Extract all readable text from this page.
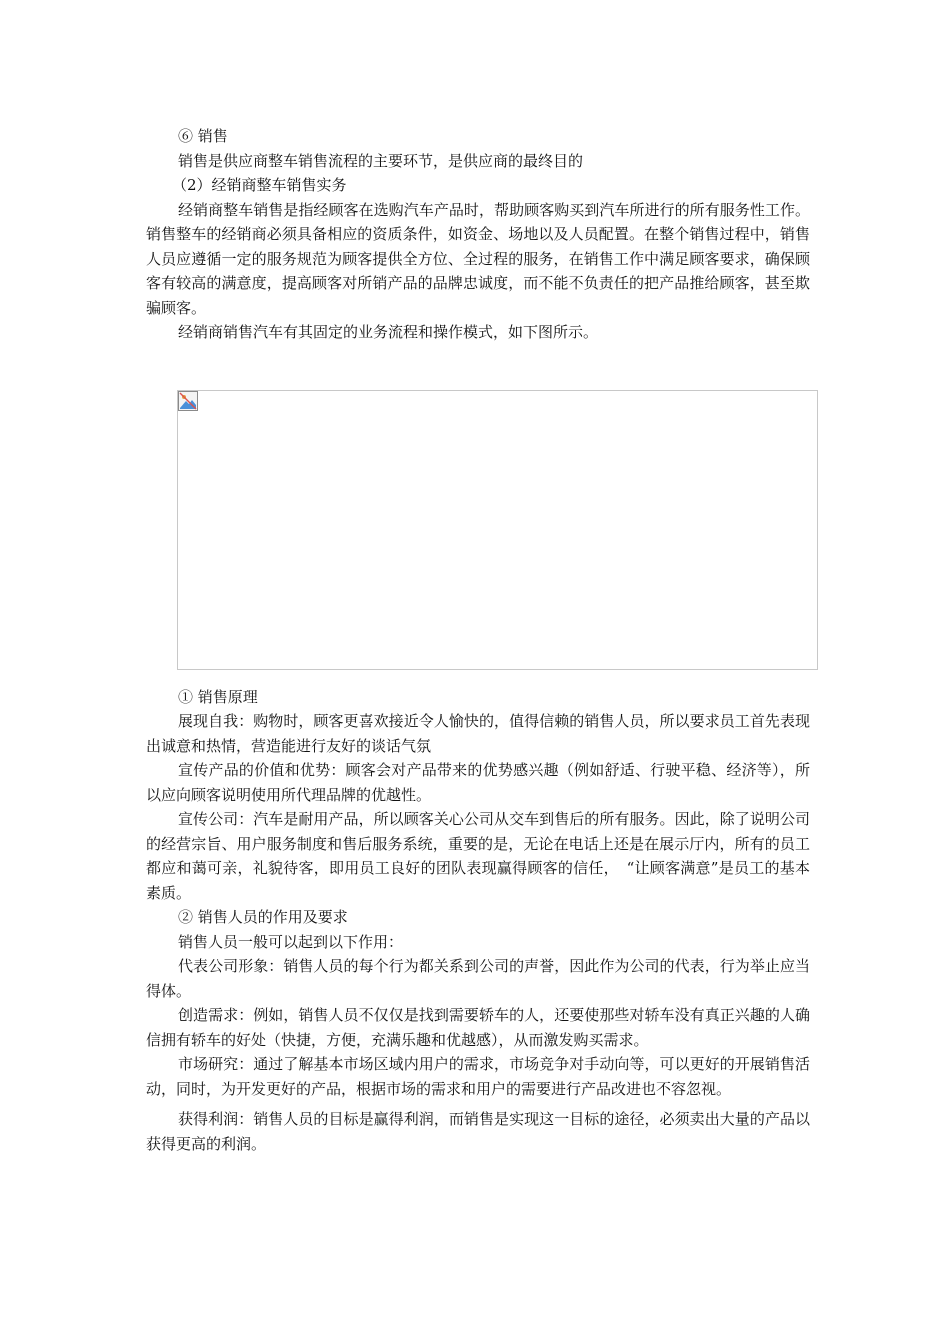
⑥ 销售

销售是供应商整车销售流程的主要环节，是供应商的最终目的

（2）经销商整车销售实务

经销商整车销售是指经顾客在选购汽车产品时，帮助顾客购买到汽车所进行的所有服务性工作。销售整车的经销商必须具备相应的资质条件，如资金、场地以及人员配置。在整个销售过程中，销售人员应遵循一定的服务规范为顾客提供全方位、全过程的服务，在销售工作中满足顾客要求，确保顾客有较高的满意度，提高顾客对所销产品的品牌忠诚度，而不能不负责任的把产品推给顾客，甚至欺骗顾客。

经销商销售汽车有其固定的业务流程和操作模式，如下图所示。

① 销售原理

展现自我：购物时，顾客更喜欢接近令人愉快的，值得信赖的销售人员，所以要求员工首先表现出诚意和热情，营造能进行友好的谈话气氛

宣传产品的价值和优势：顾客会对产品带来的优势感兴趣（例如舒适、行驶平稳、经济等），所以应向顾客说明使用所代理品牌的优越性。

宣传公司：汽车是耐用产品，所以顾客关心公司从交车到售后的所有服务。因此，除了说明公司的经营宗旨、用户服务制度和售后服务系统，重要的是，无论在电话上还是在展示厅内，所有的员工都应和蔼可亲，礼貌待客，即用员工良好的团队表现赢得顾客的信任，　“让顾客满意”是员工的基本素质。

② 销售人员的作用及要求

销售人员一般可以起到以下作用：

代表公司形象：销售人员的每个行为都关系到公司的声誉，因此作为公司的代表，行为举止应当得体。

创造需求：例如，销售人员不仅仅是找到需要轿车的人，还要使那些对轿车没有真正兴趣的人确信拥有轿车的好处（快捷，方便，充满乐趣和优越感），从而激发购买需求。

市场研究：通过了解基本市场区域内用户的需求，市场竞争对手动向等，可以更好的开展销售活动，同时，为开发更好的产品，根据市场的需求和用户的需要进行产品改进也不容忽视。

获得利润：销售人员的目标是赢得利润，而销售是实现这一目标的途径，必须卖出大量的产品以获得更高的利润。
